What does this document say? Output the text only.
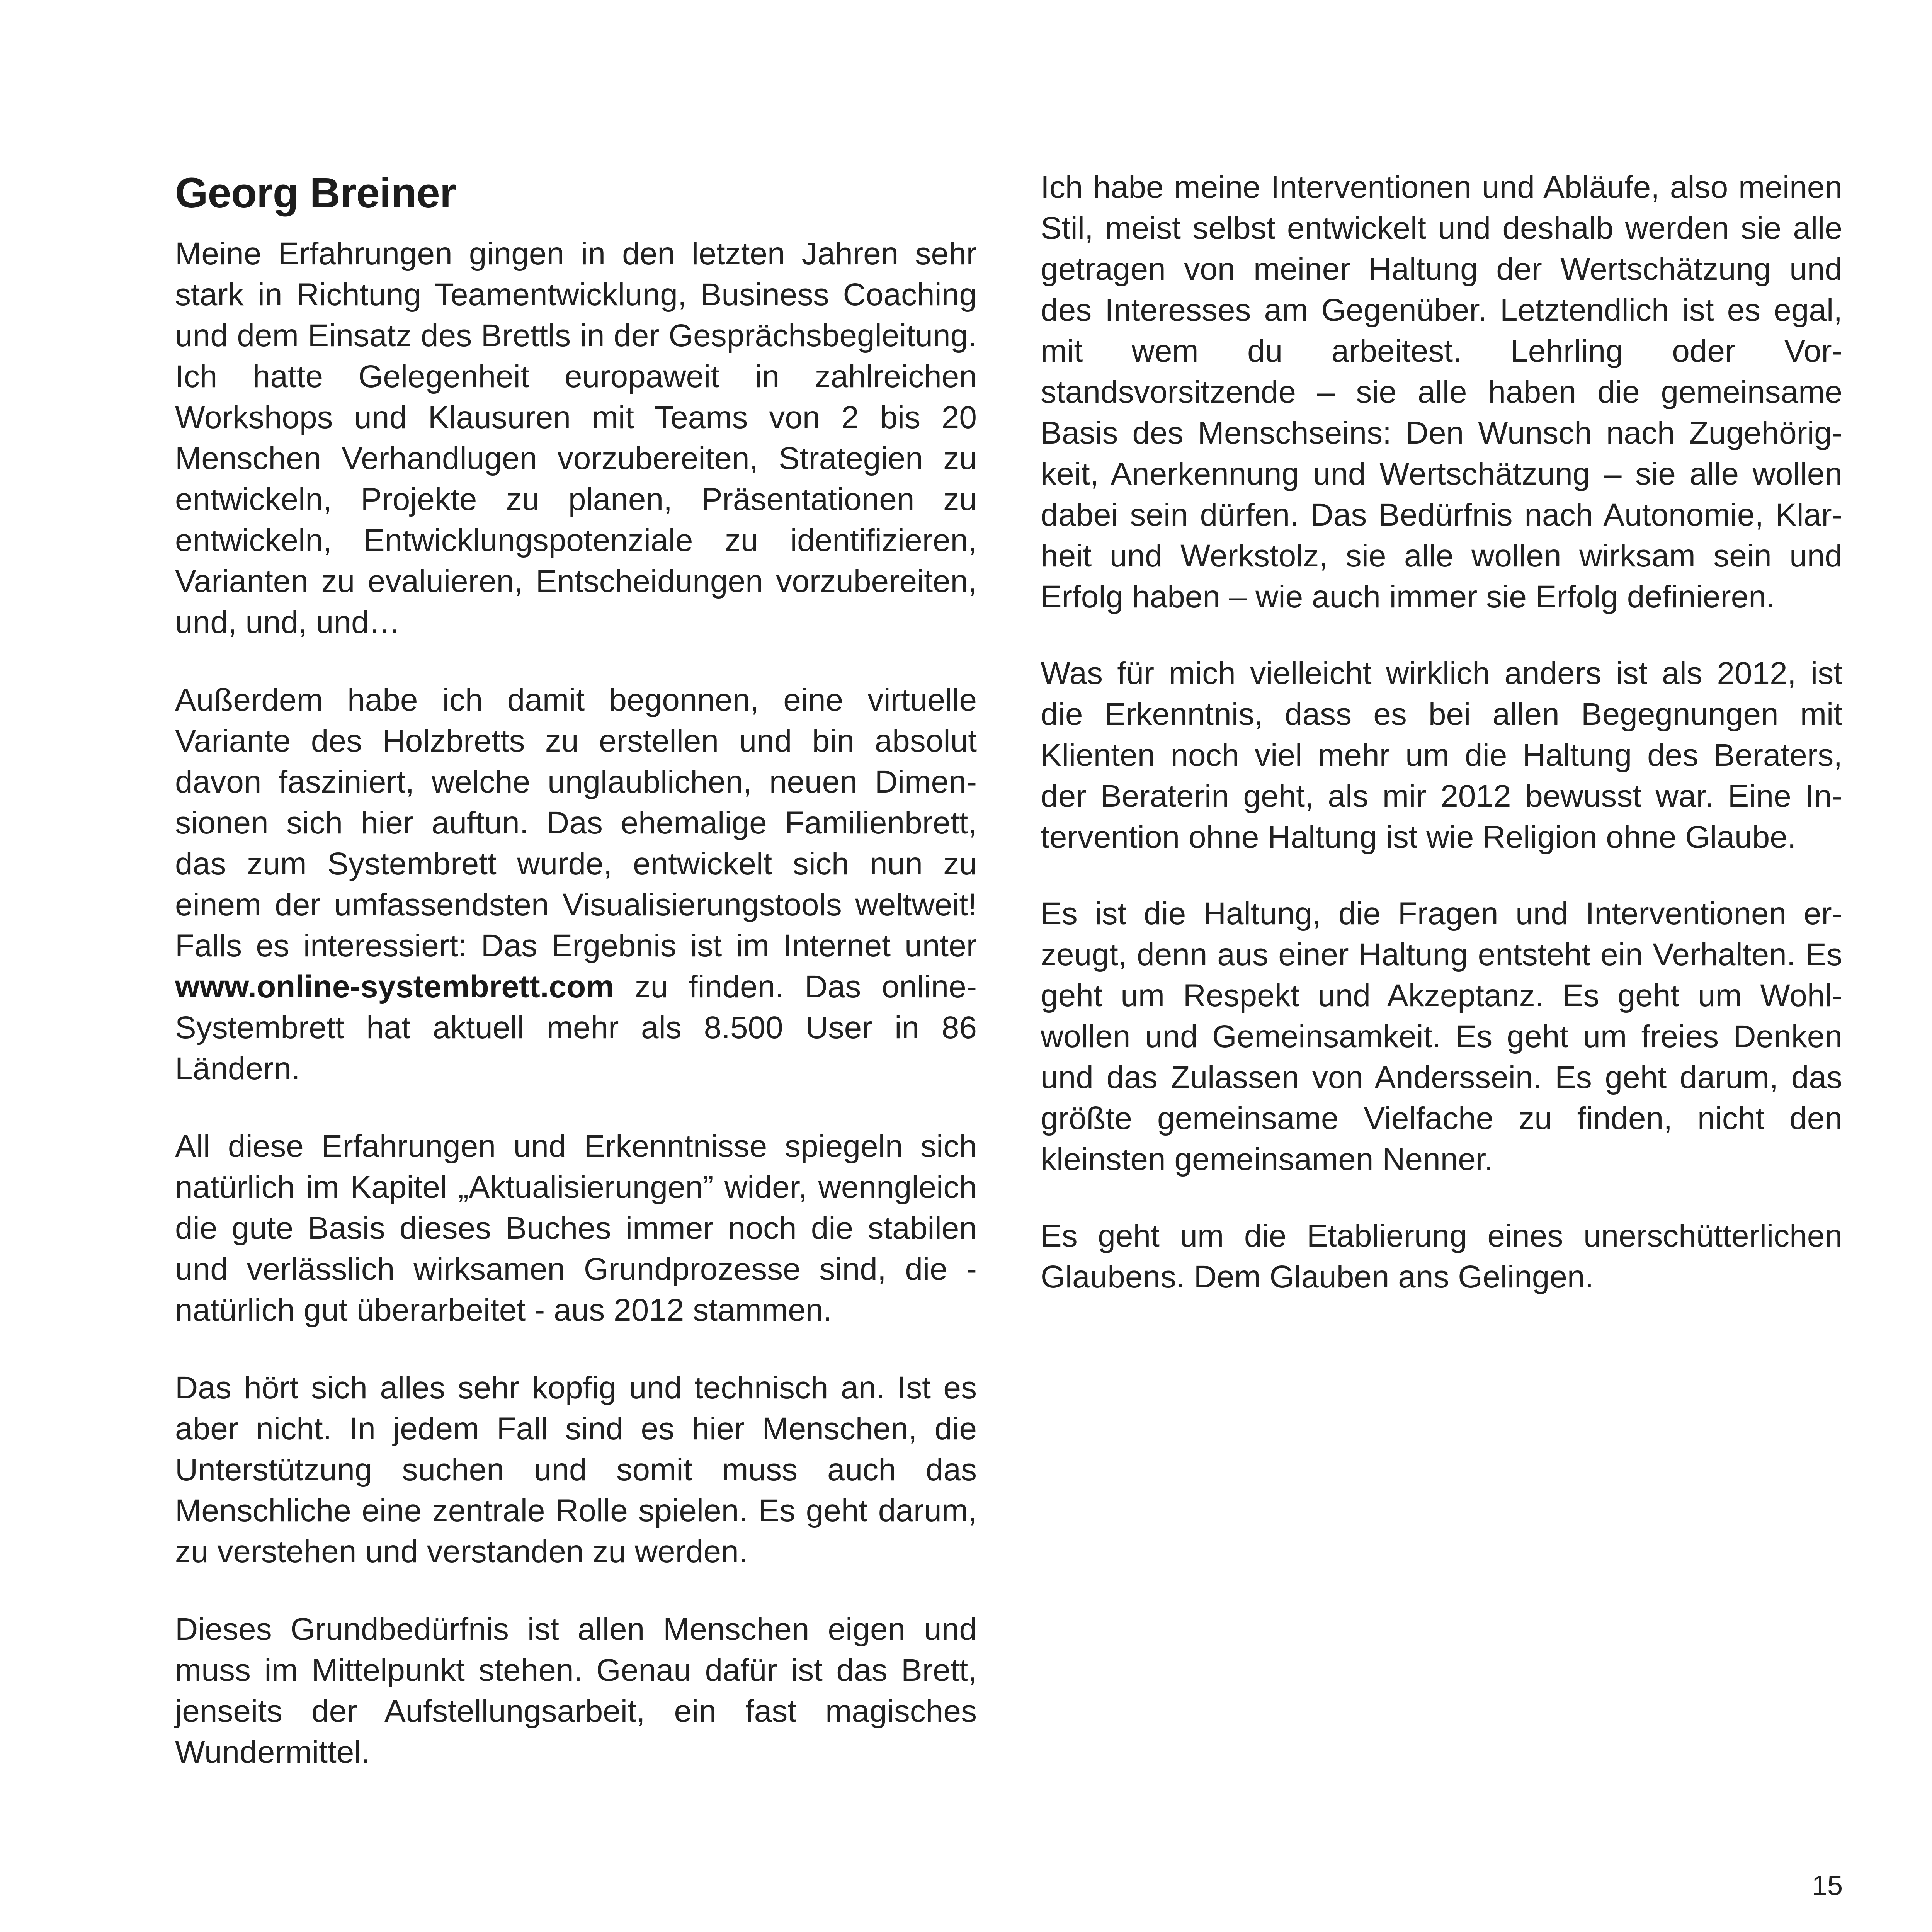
Georg Breiner

Meine Erfahrungen gingen in den letzten Jahren sehr stark in Richtung Teamentwicklung, Business Coaching und dem Einsatz des Brettls in der Gesprächsbegleitung. Ich hatte Gelegenheit europaweit in zahlreichen Workshops und Klausuren mit Teams von 2 bis 20 Menschen Verhandlugen vorzubereiten, Strategien zu entwickeln, Projekte zu planen, Präsentationen zu entwickeln, Entwicklungspotenziale zu identifizieren, Varianten zu evaluieren, Entscheidungen vorzubereiten, und, und, und…

Außerdem habe ich damit begonnen, eine virtuelle Variante des Holzbretts zu erstellen und bin absolut davon fasziniert, welche unglaublichen, neuen Dimensionen sich hier auftun. Das ehemalige Familienbrett, das zum Systembrett wurde, entwickelt sich nun zu einem der umfassendsten Visualisierungstools weltweit! Falls es interessiert: Das Ergebnis ist im Internet unter www.online-systembrett.com zu finden. Das online-Systembrett hat aktuell mehr als 8.500 User in 86 Ländern.

All diese Erfahrungen und Erkenntnisse spiegeln sich natürlich im Kapitel „Aktualisierungen” wider, wenngleich die gute Basis dieses Buches immer noch die stabilen und verlässlich wirksamen Grundprozesse sind, die - natürlich gut überarbeitet - aus 2012 stammen.

Das hört sich alles sehr kopfig und technisch an. Ist es aber nicht. In jedem Fall sind es hier Menschen, die Unterstützung suchen und somit muss auch das Menschliche eine zentrale Rolle spielen. Es geht darum, zu verstehen und verstanden zu werden.

Dieses Grundbedürfnis ist allen Menschen eigen und muss im Mittelpunkt stehen. Genau dafür ist das Brett, jenseits der Aufstellungsarbeit, ein fast magisches Wundermittel.

Ich habe meine Interventionen und Abläufe, also meinen Stil, meist selbst entwickelt und deshalb werden sie alle getragen von meiner Haltung der Wertschätzung und des Interesses am Gegenüber. Letztendlich ist es egal, mit wem du arbeitest. Lehrling oder Vorstandsvorsitzende – sie alle haben die gemeinsame Basis des Menschseins: Den Wunsch nach Zugehörigkeit, Anerkennung und Wertschätzung – sie alle wollen dabei sein dürfen. Das Bedürfnis nach Autonomie, Klarheit und Werkstolz, sie alle wollen wirksam sein und Erfolg haben – wie auch immer sie Erfolg definieren.

Was für mich vielleicht wirklich anders ist als 2012, ist die Erkenntnis, dass es bei allen Begegnungen mit Klienten noch viel mehr um die Haltung des Beraters, der Beraterin geht, als mir 2012 bewusst war. Eine Intervention ohne Haltung ist wie Religion ohne Glaube.

Es ist die Haltung, die Fragen und Interventionen erzeugt, denn aus einer Haltung entsteht ein Verhalten. Es geht um Respekt und Akzeptanz. Es geht um Wohlwollen und Gemeinsamkeit. Es geht um freies Denken und das Zulassen von Anderssein. Es geht darum, das größte gemeinsame Vielfache zu finden, nicht den kleinsten gemeinsamen Nenner.

Es geht um die Etablierung eines unerschütterlichen Glaubens. Dem Glauben ans Gelingen.

15
